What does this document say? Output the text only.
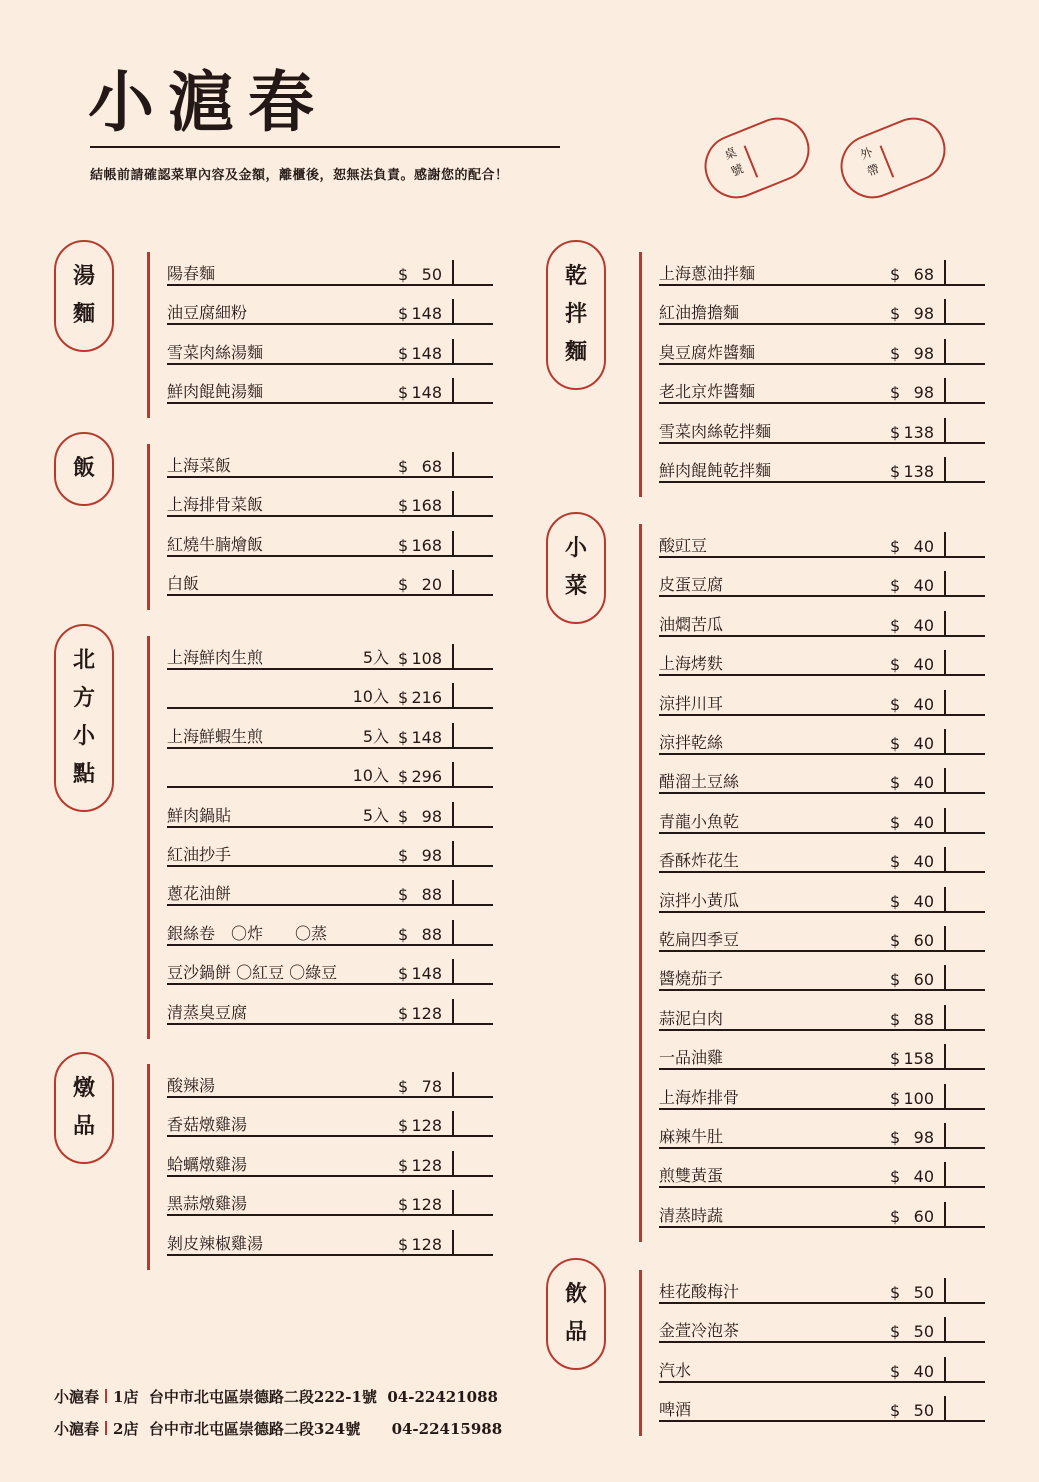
小滬春
結帳前請確認菜單內容及金額，離櫃後，恕無法負責。感謝您的配合！
桌號
外帶
湯
麵
陽春麵	$ 50
油豆腐細粉	$ 148
雪菜肉絲湯麵	$ 148
鮮肉餛飩湯麵	$ 148
飯	上海菜飯	$ 68
上海排骨菜飯	$ 168
紅燒牛腩燴飯	$ 168
白飯	$ 20
北
方
小
點
上海鮮肉生煎	5入 $ 108
10入 $ 216
上海鮮蝦生煎	5入 $ 148
10入 $ 296
鮮肉鍋貼	5入 $ 98
紅油抄手	$ 98
蔥花油餅	$ 88
銀絲卷　〇炸　　〇蒸	$ 88
豆沙鍋餅 〇紅豆 〇綠豆	$ 148
清蒸臭豆腐	$ 128
燉
品
酸辣湯	$ 78
香菇燉雞湯	$ 128
蛤蠣燉雞湯	$ 128
黑蒜燉雞湯	$ 128
剝皮辣椒雞湯	$ 128
乾
拌
麵
上海蔥油拌麵	$ 68
紅油擔擔麵	$ 98
臭豆腐炸醬麵	$ 98
老北京炸醬麵	$ 98
雪菜肉絲乾拌麵	$ 138
鮮肉餛飩乾拌麵	$ 138
小
菜
酸豇豆	$ 40
皮蛋豆腐	$ 40
油燜苦瓜	$ 40
上海烤麩	$ 40
涼拌川耳	$ 40
涼拌乾絲	$ 40
醋溜土豆絲	$ 40
青龍小魚乾	$ 40
香酥炸花生	$ 40
涼拌小黃瓜	$ 40
乾扁四季豆	$ 60
醬燒茄子	$ 60
蒜泥白肉	$ 88
一品油雞	$ 158
上海炸排骨	$ 100
麻辣牛肚	$ 98
煎雙黃蛋	$ 40
清蒸時蔬	$ 60
飲
品
桂花酸梅汁	$ 50
金萱冷泡茶	$ 50
汽水	$ 40
啤酒	$ 50
小滬春 1店 台中市北屯區崇德路二段222-1號 04-22421088
小滬春 2店 台中市北屯區崇德路二段324號 04-22415988
